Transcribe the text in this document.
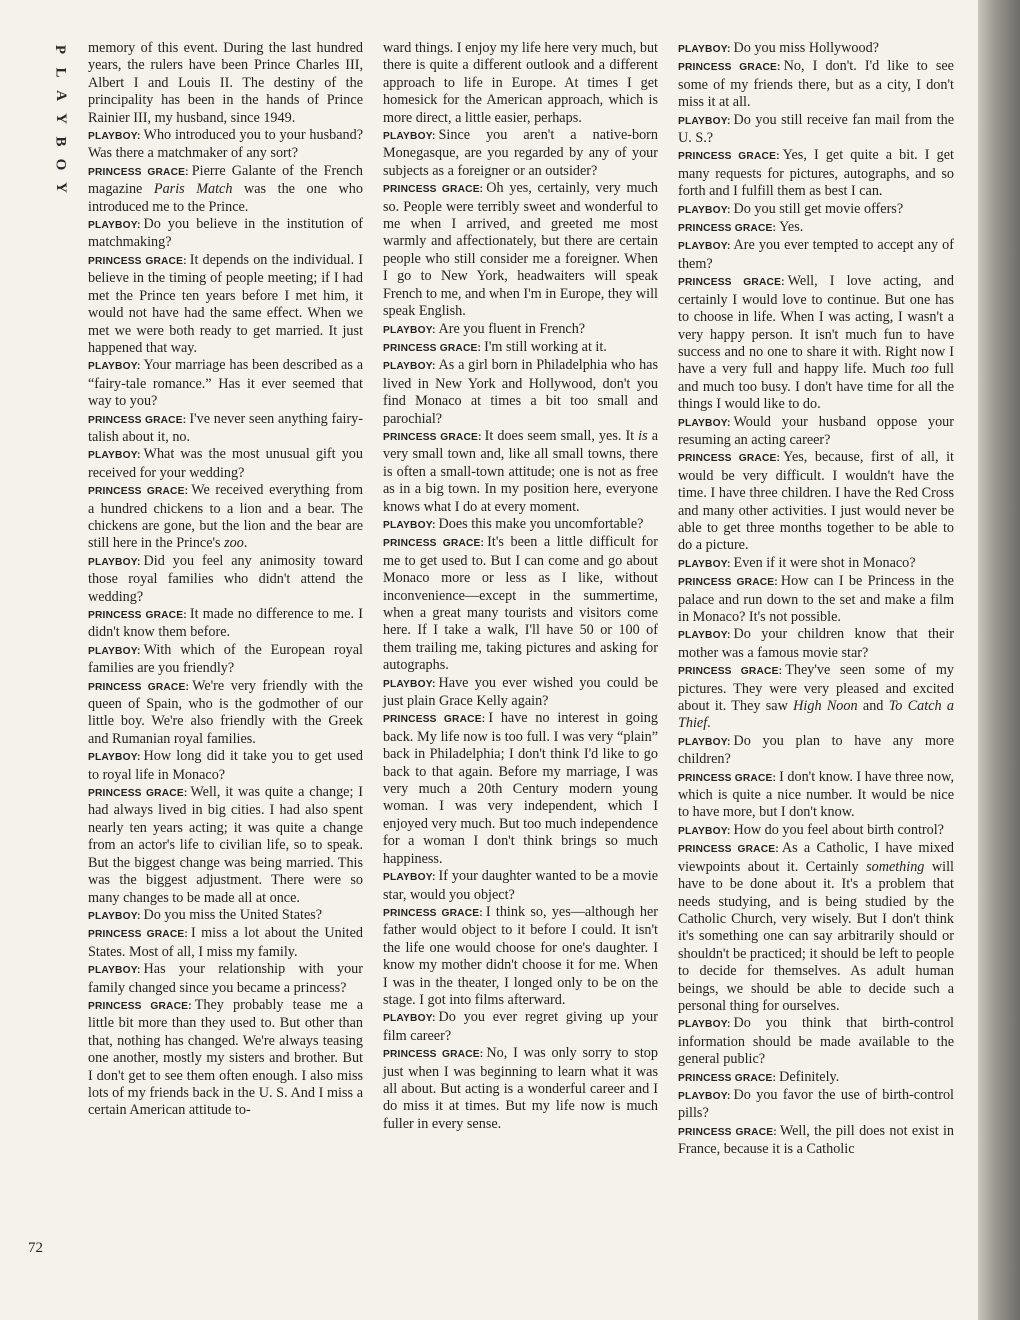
P
L
A
Y
B
O
Y

memory of this event. During the last hundred years, the rulers have been Prince Charles III, Albert I and Louis II. The destiny of the principality has been in the hands of Prince Rainier III, my husband, since 1949.

PLAYBOY: Who introduced you to your husband? Was there a matchmaker of any sort?

PRINCESS GRACE: Pierre Galante of the French magazine Paris Match was the one who introduced me to the Prince.

PLAYBOY: Do you believe in the institution of matchmaking?

PRINCESS GRACE: It depends on the individual. I believe in the timing of people meeting; if I had met the Prince ten years before I met him, it would not have had the same effect. When we met we were both ready to get married. It just happened that way.

PLAYBOY: Your marriage has been described as a “fairy-tale romance.” Has it ever seemed that way to you?

PRINCESS GRACE: I've never seen anything fairy-talish about it, no.

PLAYBOY: What was the most unusual gift you received for your wedding?

PRINCESS GRACE: We received everything from a hundred chickens to a lion and a bear. The chickens are gone, but the lion and the bear are still here in the Prince's zoo.

PLAYBOY: Did you feel any animosity toward those royal families who didn't attend the wedding?

PRINCESS GRACE: It made no difference to me. I didn't know them before.

PLAYBOY: With which of the European royal families are you friendly?

PRINCESS GRACE: We're very friendly with the queen of Spain, who is the godmother of our little boy. We're also friendly with the Greek and Rumanian royal families.

PLAYBOY: How long did it take you to get used to royal life in Monaco?

PRINCESS GRACE: Well, it was quite a change; I had always lived in big cities. I had also spent nearly ten years acting; it was quite a change from an actor's life to civilian life, so to speak. But the biggest change was being married. This was the biggest adjustment. There were so many changes to be made all at once.

PLAYBOY: Do you miss the United States?

PRINCESS GRACE: I miss a lot about the United States. Most of all, I miss my family.

PLAYBOY: Has your relationship with your family changed since you became a princess?

PRINCESS GRACE: They probably tease me a little bit more than they used to. But other than that, nothing has changed. We're always teasing one another, mostly my sisters and brother. But I don't get to see them often enough. I also miss lots of my friends back in the U. S. And I miss a certain American attitude to-

ward things. I enjoy my life here very much, but there is quite a different outlook and a different approach to life in Europe. At times I get homesick for the American approach, which is more direct, a little easier, perhaps.

PLAYBOY: Since you aren't a native-born Monegasque, are you regarded by any of your subjects as a foreigner or an outsider?

PRINCESS GRACE: Oh yes, certainly, very much so. People were terribly sweet and wonderful to me when I arrived, and greeted me most warmly and affectionately, but there are certain people who still consider me a foreigner. When I go to New York, headwaiters will speak French to me, and when I'm in Europe, they will speak English.

PLAYBOY: Are you fluent in French?

PRINCESS GRACE: I'm still working at it.

PLAYBOY: As a girl born in Philadelphia who has lived in New York and Hollywood, don't you find Monaco at times a bit too small and parochial?

PRINCESS GRACE: It does seem small, yes. It is a very small town and, like all small towns, there is often a small-town attitude; one is not as free as in a big town. In my position here, everyone knows what I do at every moment.

PLAYBOY: Does this make you uncomfortable?

PRINCESS GRACE: It's been a little difficult for me to get used to. But I can come and go about Monaco more or less as I like, without inconvenience—except in the summertime, when a great many tourists and visitors come here. If I take a walk, I'll have 50 or 100 of them trailing me, taking pictures and asking for autographs.

PLAYBOY: Have you ever wished you could be just plain Grace Kelly again?

PRINCESS GRACE: I have no interest in going back. My life now is too full. I was very “plain” back in Philadelphia; I don't think I'd like to go back to that again. Before my marriage, I was very much a 20th Century modern young woman. I was very independent, which I enjoyed very much. But too much independence for a woman I don't think brings so much happiness.

PLAYBOY: If your daughter wanted to be a movie star, would you object?

PRINCESS GRACE: I think so, yes—although her father would object to it before I could. It isn't the life one would choose for one's daughter. I know my mother didn't choose it for me. When I was in the theater, I longed only to be on the stage. I got into films afterward.

PLAYBOY: Do you ever regret giving up your film career?

PRINCESS GRACE: No, I was only sorry to stop just when I was beginning to learn what it was all about. But acting is a wonderful career and I do miss it at times. But my life now is much fuller in every sense.

PLAYBOY: Do you miss Hollywood?

PRINCESS GRACE: No, I don't. I'd like to see some of my friends there, but as a city, I don't miss it at all.

PLAYBOY: Do you still receive fan mail from the U. S.?

PRINCESS GRACE: Yes, I get quite a bit. I get many requests for pictures, autographs, and so forth and I fulfill them as best I can.

PLAYBOY: Do you still get movie offers?

PRINCESS GRACE: Yes.

PLAYBOY: Are you ever tempted to accept any of them?

PRINCESS GRACE: Well, I love acting, and certainly I would love to continue. But one has to choose in life. When I was acting, I wasn't a very happy person. It isn't much fun to have success and no one to share it with. Right now I have a very full and happy life. Much too full and much too busy. I don't have time for all the things I would like to do.

PLAYBOY: Would your husband oppose your resuming an acting career?

PRINCESS GRACE: Yes, because, first of all, it would be very difficult. I wouldn't have the time. I have three children. I have the Red Cross and many other activities. I just would never be able to get three months together to be able to do a picture.

PLAYBOY: Even if it were shot in Monaco?

PRINCESS GRACE: How can I be Princess in the palace and run down to the set and make a film in Monaco? It's not possible.

PLAYBOY: Do your children know that their mother was a famous movie star?

PRINCESS GRACE: They've seen some of my pictures. They were very pleased and excited about it. They saw High Noon and To Catch a Thief.

PLAYBOY: Do you plan to have any more children?

PRINCESS GRACE: I don't know. I have three now, which is quite a nice number. It would be nice to have more, but I don't know.

PLAYBOY: How do you feel about birth control?

PRINCESS GRACE: As a Catholic, I have mixed viewpoints about it. Certainly something will have to be done about it. It's a problem that needs studying, and is being studied by the Catholic Church, very wisely. But I don't think it's something one can say arbitrarily should or shouldn't be practiced; it should be left to people to decide for themselves. As adult human beings, we should be able to decide such a personal thing for ourselves.

PLAYBOY: Do you think that birth-control information should be made available to the general public?

PRINCESS GRACE: Definitely.

PLAYBOY: Do you favor the use of birth-control pills?

PRINCESS GRACE: Well, the pill does not exist in France, because it is a Catholic

72
